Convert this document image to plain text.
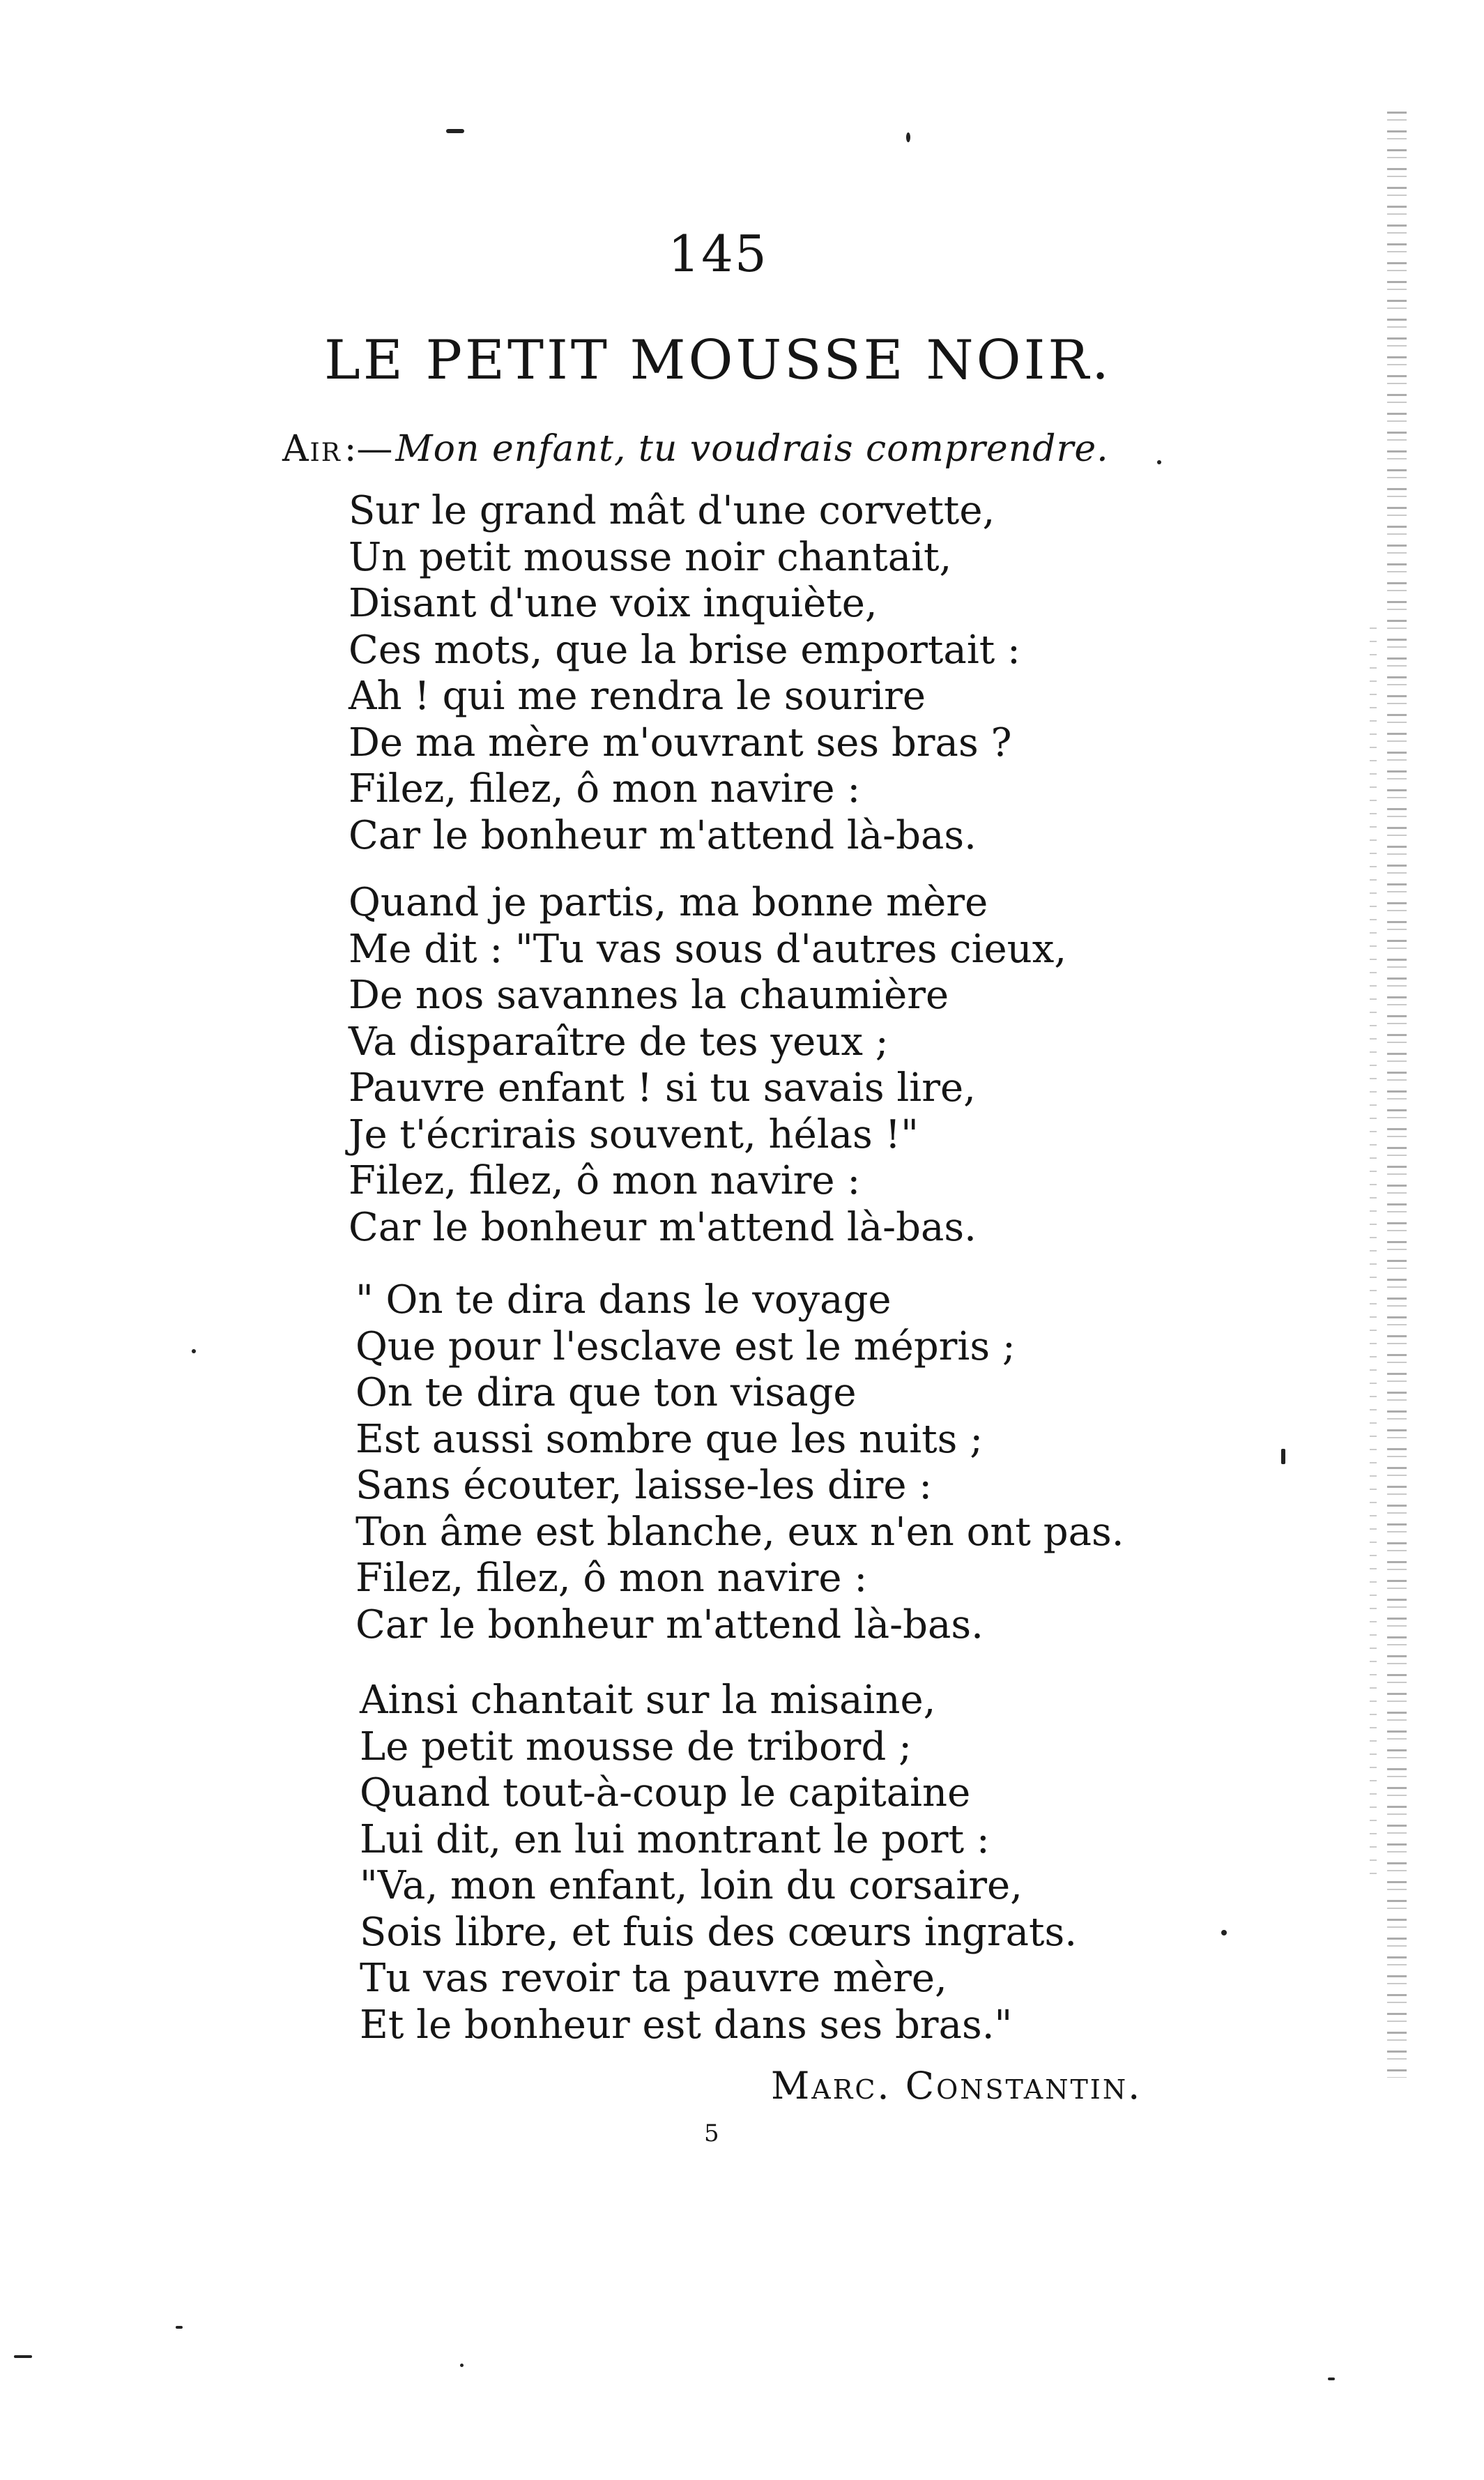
145
LE PETIT MOUSSE NOIR.
Air:—Mon enfant, tu voudrais comprendre.
Sur le grand mât d'une corvette,
Un petit mousse noir chantait,
Disant d'une voix inquiète,
Ces mots, que la brise emportait :
Ah ! qui me rendra le sourire
De ma mère m'ouvrant ses bras ?
Filez, filez, ô mon navire :
Car le bonheur m'attend là-bas.
Quand je partis, ma bonne mère
Me dit : "Tu vas sous d'autres cieux,
De nos savannes la chaumière
Va disparaître de tes yeux ;
Pauvre enfant ! si tu savais lire,
Je t'écrirais souvent, hélas !"
Filez, filez, ô mon navire :
Car le bonheur m'attend là-bas.
" On te dira dans le voyage
Que pour l'esclave est le mépris ;
On te dira que ton visage
Est aussi sombre que les nuits ;
Sans écouter, laisse-les dire :
Ton âme est blanche, eux n'en ont pas.
Filez, filez, ô mon navire :
Car le bonheur m'attend là-bas.
Ainsi chantait sur la misaine,
Le petit mousse de tribord ;
Quand tout-à-coup le capitaine
Lui dit, en lui montrant le port :
"Va, mon enfant, loin du corsaire,
Sois libre, et fuis des cœurs ingrats.
Tu vas revoir ta pauvre mère,
Et le bonheur est dans ses bras."
Marc. Constantin.
5
